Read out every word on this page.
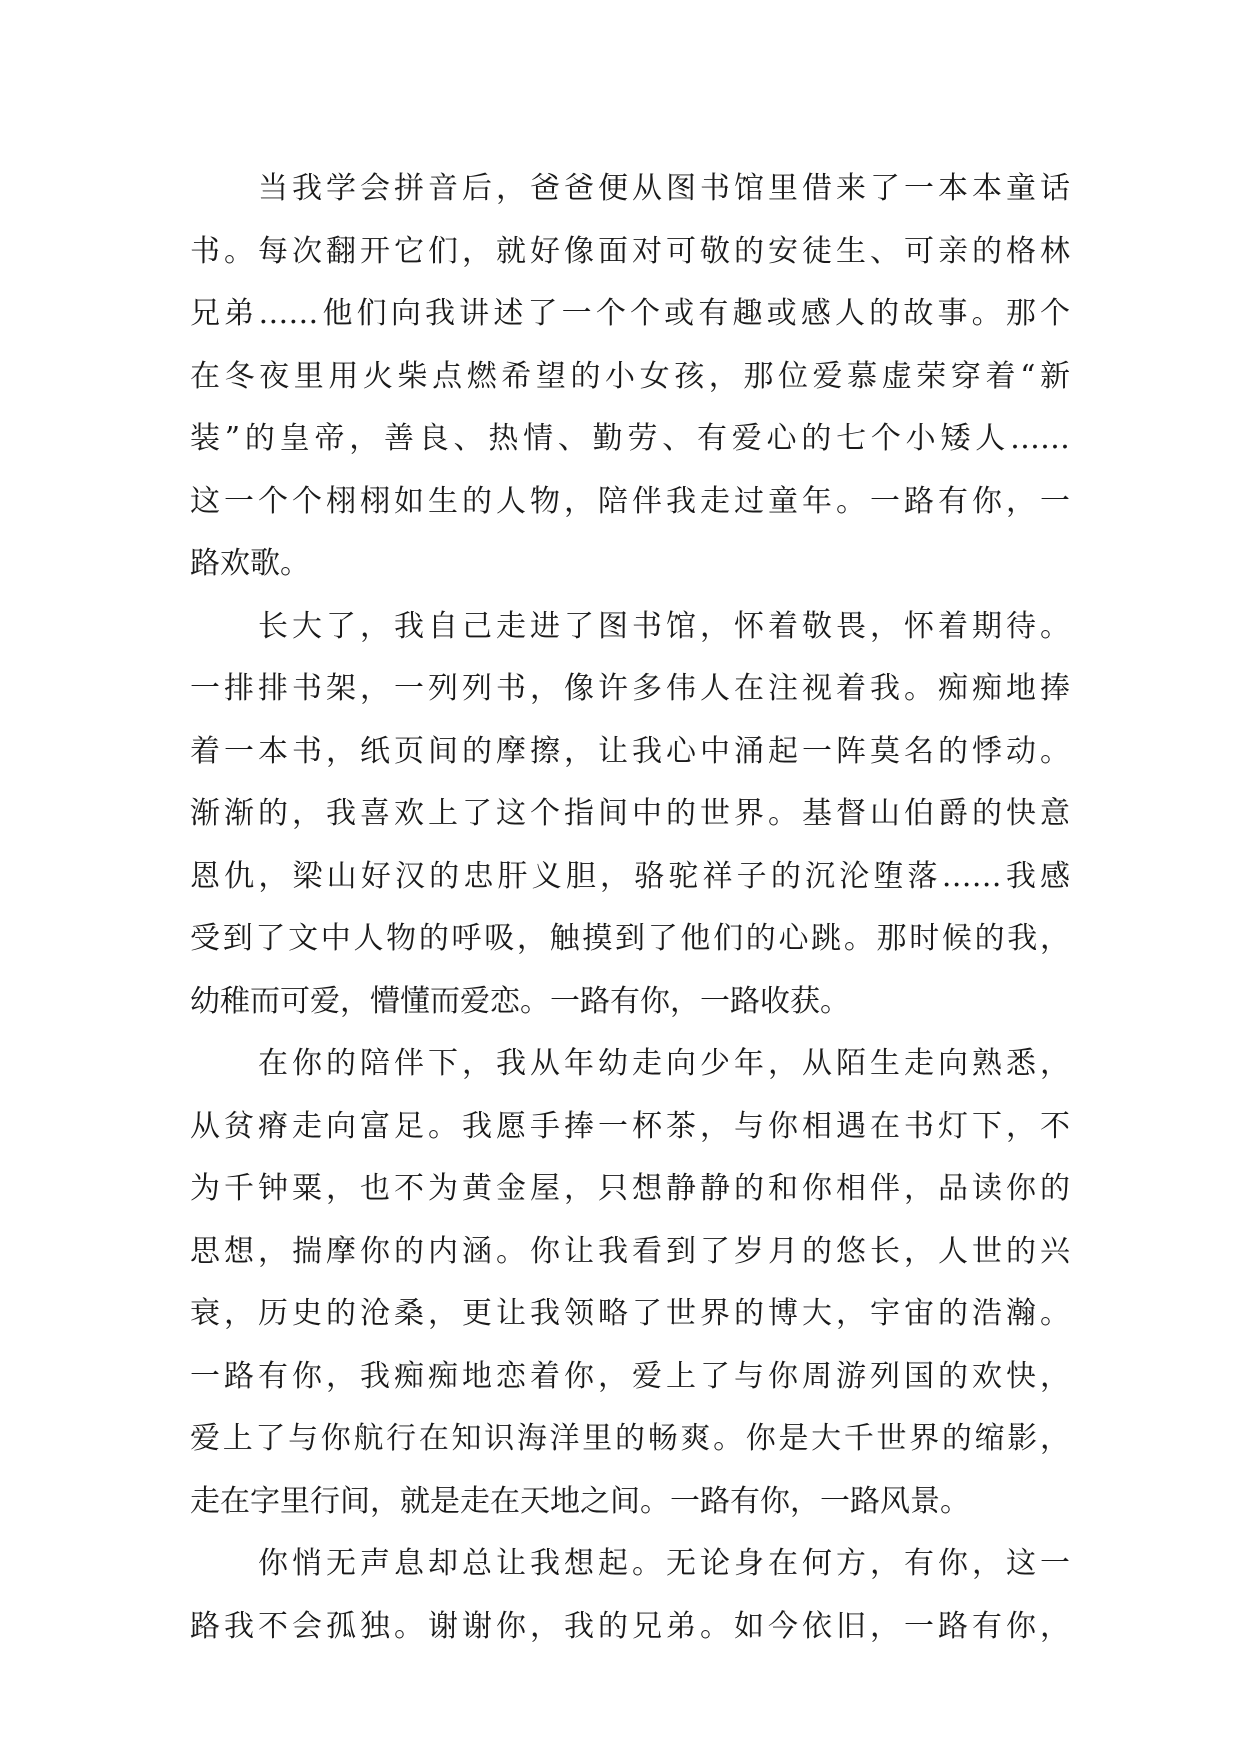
当我学会拼音后，爸爸便从图书馆里借来了一本本童话
书。每次翻开它们，就好像面对可敬的安徒生、可亲的格林
兄弟……他们向我讲述了一个个或有趣或感人的故事。那个
在冬夜里用火柴点燃希望的小女孩，那位爱慕虚荣穿着“新
装”的皇帝，善良、热情、勤劳、有爱心的七个小矮人……
这一个个栩栩如生的人物，陪伴我走过童年。一路有你，一
路欢歌。
长大了，我自己走进了图书馆，怀着敬畏，怀着期待。
一排排书架，一列列书，像许多伟人在注视着我。痴痴地捧
着一本书，纸页间的摩擦，让我心中涌起一阵莫名的悸动。
渐渐的，我喜欢上了这个指间中的世界。基督山伯爵的快意
恩仇，梁山好汉的忠肝义胆，骆驼祥子的沉沦堕落……我感
受到了文中人物的呼吸，触摸到了他们的心跳。那时候的我，
幼稚而可爱，懵懂而爱恋。一路有你，一路收获。
在你的陪伴下，我从年幼走向少年，从陌生走向熟悉，
从贫瘠走向富足。我愿手捧一杯茶，与你相遇在书灯下，不
为千钟粟，也不为黄金屋，只想静静的和你相伴，品读你的
思想，揣摩你的内涵。你让我看到了岁月的悠长，人世的兴
衰，历史的沧桑，更让我领略了世界的博大，宇宙的浩瀚。
一路有你，我痴痴地恋着你，爱上了与你周游列国的欢快，
爱上了与你航行在知识海洋里的畅爽。你是大千世界的缩影，
走在字里行间，就是走在天地之间。一路有你，一路风景。
你悄无声息却总让我想起。无论身在何方，有你，这一
路我不会孤独。谢谢你，我的兄弟。如今依旧，一路有你，
